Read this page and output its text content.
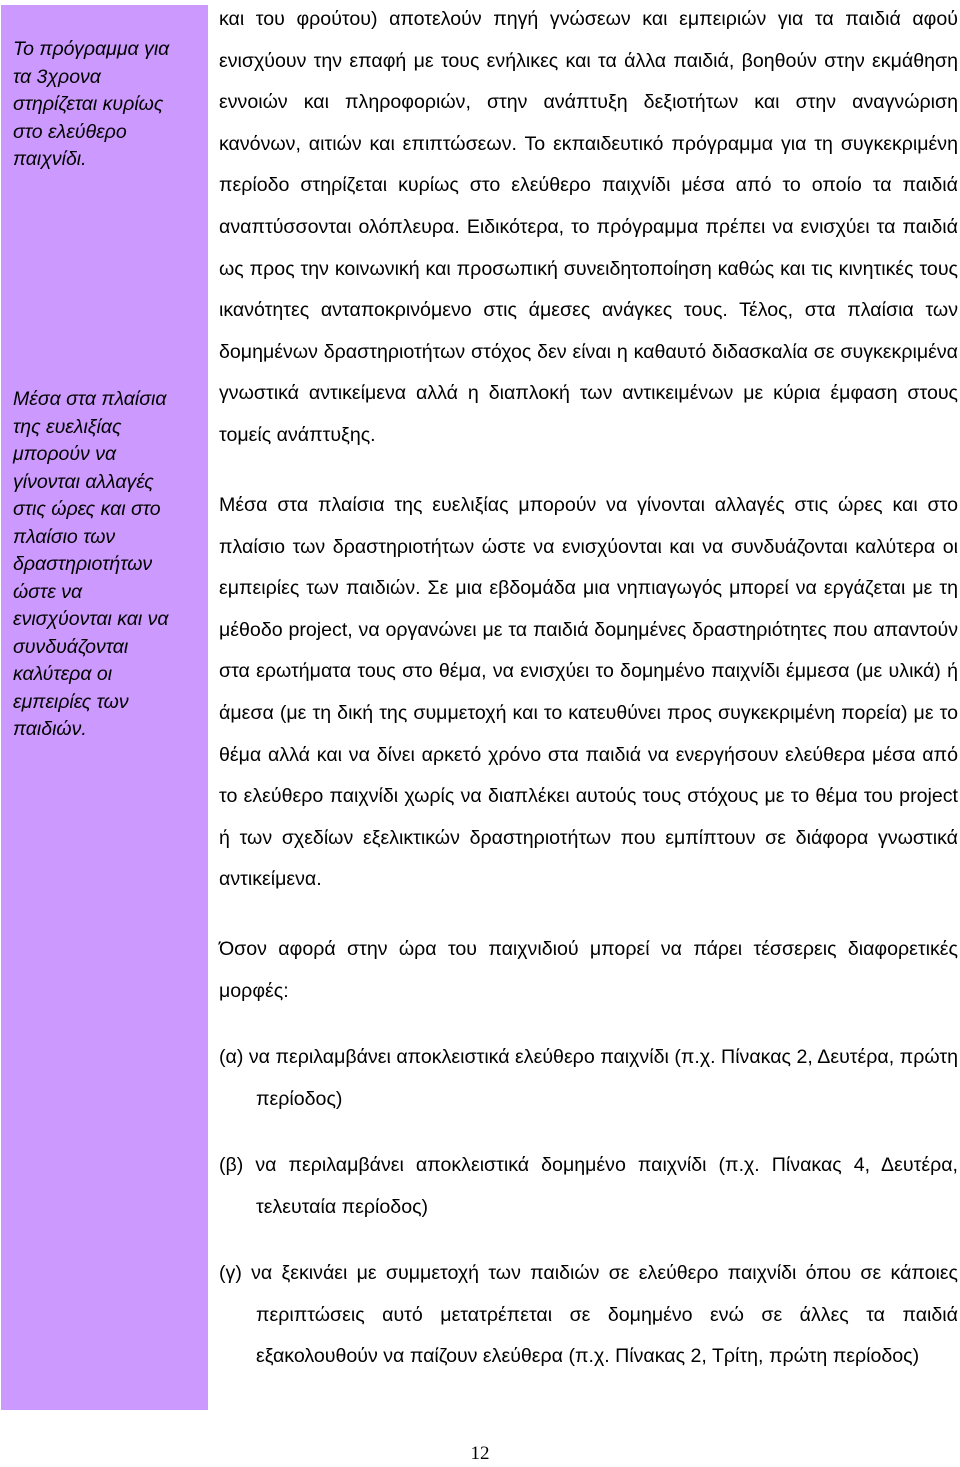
Το πρόγραμμα για τα 3χρονα στηρίζεται κυρίως στο ελεύθερο παιχνίδι.

Μέσα στα πλαίσια της ευελιξίας μπορούν να γίνονται αλλαγές στις ώρες και στο πλαίσιο των δραστηριοτήτων ώστε να ενισχύονται και να συνδυάζονται καλύτερα οι εμπειρίες των παιδιών.

και του φρούτου) αποτελούν πηγή γνώσεων και εμπειριών για τα παιδιά αφού ενισχύουν την επαφή με τους ενήλικες και τα άλλα παιδιά, βοηθούν στην εκμάθηση εννοιών και πληροφοριών, στην ανάπτυξη δεξιοτήτων και στην αναγνώριση κανόνων, αιτιών και επιπτώσεων. Το εκπαιδευτικό πρόγραμμα για τη συγκεκριμένη περίοδο στηρίζεται κυρίως στο ελεύθερο παιχνίδι μέσα από το οποίο τα παιδιά αναπτύσσονται ολόπλευρα. Ειδικότερα, το πρόγραμμα πρέπει να ενισχύει τα παιδιά ως προς την κοινωνική και προσωπική συνειδητοποίηση καθώς και τις κινητικές τους ικανότητες ανταποκρινόμενο στις άμεσες ανάγκες τους. Τέλος, στα πλαίσια των δομημένων δραστηριοτήτων στόχος δεν είναι η καθαυτό διδασκαλία σε συγκεκριμένα γνωστικά αντικείμενα αλλά η διαπλοκή των αντικειμένων με κύρια έμφαση στους τομείς ανάπτυξης.

Μέσα στα πλαίσια της ευελιξίας μπορούν να γίνονται αλλαγές στις ώρες και στο πλαίσιο των δραστηριοτήτων ώστε να ενισχύονται και να συνδυάζονται καλύτερα οι εμπειρίες των παιδιών. Σε μια εβδομάδα μια νηπιαγωγός μπορεί να εργάζεται με τη μέθοδο project, να οργανώνει με τα παιδιά δομημένες δραστηριότητες που απαντούν στα ερωτήματα τους στο θέμα, να ενισχύει το δομημένο παιχνίδι έμμεσα (με υλικά) ή άμεσα (με τη δική της συμμετοχή και το κατευθύνει προς συγκεκριμένη πορεία) με το θέμα αλλά και να δίνει αρκετό χρόνο στα παιδιά να ενεργήσουν ελεύθερα μέσα από το ελεύθερο παιχνίδι χωρίς να διαπλέκει αυτούς τους στόχους με το θέμα του project ή των σχεδίων εξελικτικών δραστηριοτήτων που εμπίπτουν σε διάφορα γνωστικά αντικείμενα.

Όσον αφορά στην ώρα του παιχνιδιού μπορεί να πάρει τέσσερεις διαφορετικές μορφές:

(α) να περιλαμβάνει αποκλειστικά ελεύθερο παιχνίδι (π.χ. Πίνακας 2, Δευτέρα, πρώτη περίοδος)

(β) να περιλαμβάνει αποκλειστικά δομημένο παιχνίδι (π.χ. Πίνακας 4, Δευτέρα, τελευταία περίοδος)

(γ) να ξεκινάει με συμμετοχή των παιδιών σε ελεύθερο παιχνίδι όπου σε κάποιες περιπτώσεις αυτό μετατρέπεται σε δομημένο ενώ σε άλλες τα παιδιά εξακολουθούν να παίζουν ελεύθερα (π.χ. Πίνακας 2, Τρίτη, πρώτη περίοδος)

12
